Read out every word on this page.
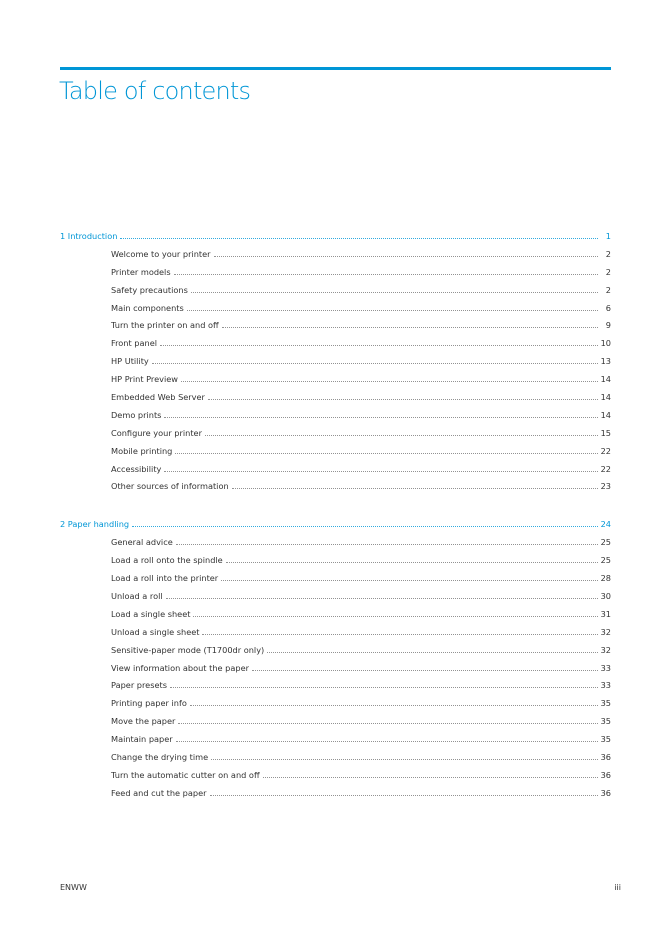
Table of contents
1 Introduction	1
Welcome to your printer	2
Printer models	2
Safety precautions	2
Main components	6
Turn the printer on and off	9
Front panel	10
HP Utility	13
HP Print Preview	14
Embedded Web Server	14
Demo prints	14
Configure your printer	15
Mobile printing	22
Accessibility	22
Other sources of information	23
2 Paper handling	24
General advice	25
Load a roll onto the spindle	25
Load a roll into the printer	28
Unload a roll	30
Load a single sheet	31
Unload a single sheet	32
Sensitive-paper mode (T1700dr only)	32
View information about the paper	33
Paper presets	33
Printing paper info	35
Move the paper	35
Maintain paper	35
Change the drying time	36
Turn the automatic cutter on and off	36
Feed and cut the paper	36
ENWW	iii
